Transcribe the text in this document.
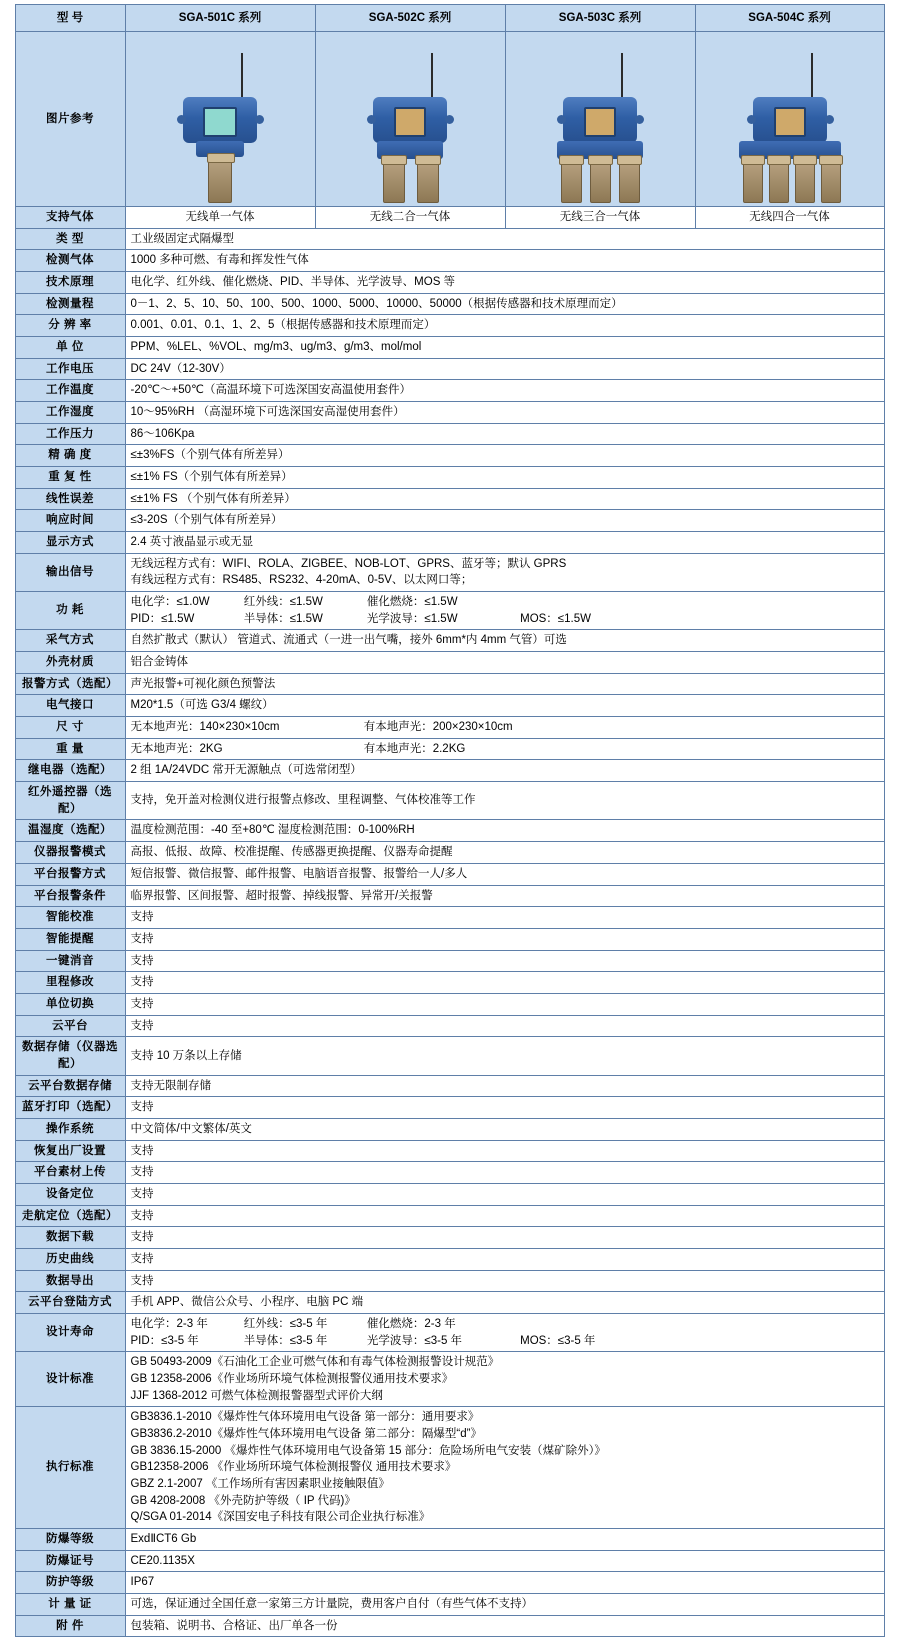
型 号	SGA-501C 系列	SGA-502C 系列	SGA-503C 系列	SGA-504C 系列
图片参考	

支持气体	无线单一气体	无线二合一气体	无线三合一气体	无线四合一气体
类 型	工业级固定式隔爆型			
检测气体	1000 多种可燃、有毒和挥发性气体			
技术原理	电化学、红外线、催化燃烧、PID、半导体、光学波导、MOS 等			
检测量程	0－1、2、5、10、50、100、500、1000、5000、10000、50000（根据传感器和技术原理而定）			
分 辨 率	0.001、0.01、0.1、1、2、5（根据传感器和技术原理而定）			
单 位	PPM、%LEL、%VOL、mg/m3、ug/m3、g/m3、mol/mol			
工作电压	DC 24V（12-30V）			
工作温度	-20℃～+50℃（高温环境下可选深国安高温使用套件）			
工作湿度	10～95%RH （高湿环境下可选深国安高湿使用套件）			
工作压力	86～106Kpa			
精 确 度	≤±3%FS（个别气体有所差异）			
重 复 性	≤±1% FS（个别气体有所差异）			
线性误差	≤±1% FS （个别气体有所差异）			
响应时间	≤3-20S（个别气体有所差异）			
显示方式	2.4 英寸液晶显示或无显			
输出信号	无线远程方式有：WIFI、ROLA、ZIGBEE、NOB-LOT、GPRS、蓝牙等；默认 GPRS
有线远程方式有：RS485、RS232、4-20mA、0-5V、以太网口等；			

功 耗	电化学：≤1.0W 红外线：≤1.5W 催化燃烧：≤1.5W
PID：≤1.5W 半导体：≤1.5W 光学波导：≤1.5W MOS：≤1.5W			

采气方式	自然扩散式（默认） 管道式、流通式（一进一出气嘴，接外 6mm*内 4mm 气管）可选			
外壳材质	铝合金铸体			
报警方式（选配）	声光报警+可视化颜色预警法			
电气接口	M20*1.5（可选 G3/4 螺纹）			
尺 寸	无本地声光：140×230×10cm 有本地声光：200×230×10cm			
重 量	无本地声光：2KG 有本地声光：2.2KG			
继电器（选配）	2 组 1A/24VDC 常开无源触点（可选常闭型）			
红外遥控器（选配）	支持，免开盖对检测仪进行报警点修改、里程调整、气体校准等工作			
温湿度（选配）	温度检测范围：-40 至+80℃ 湿度检测范围：0-100%RH			
仪器报警模式	高报、低报、故障、校准提醒、传感器更换提醒、仪器寿命提醒			
平台报警方式	短信报警、微信报警、邮件报警、电脑语音报警、报警给一人/多人			
平台报警条件	临界报警、区间报警、超时报警、掉线报警、异常开/关报警			
智能校准	支持			
智能提醒	支持			
一键消音	支持			
里程修改	支持			
单位切换	支持			
云平台	支持			
数据存储（仪器选配）	支持 10 万条以上存储			
云平台数据存储	支持无限制存储			
蓝牙打印（选配）	支持			
操作系统	中文简体/中文繁体/英文			
恢复出厂设置	支持			
平台素材上传	支持			
设备定位	支持			
走航定位（选配）	支持			
数据下载	支持			
历史曲线	支持			
数据导出	支持			
云平台登陆方式	手机 APP、微信公众号、小程序、电脑 PC 端			
设计寿命	电化学：2-3 年 红外线：≤3-5 年 催化燃烧：2-3 年
PID：≤3-5 年 半导体：≤3-5 年 光学波导：≤3-5 年 MOS：≤3-5 年			

设计标准	GB 50493-2009《石油化工企业可燃气体和有毒气体检测报警设计规范》
GB 12358-2006《作业场所环境气体检测报警仪通用技术要求》
JJF 1368-2012 可燃气体检测报警器型式评价大纲			

执行标准	
GB3836.1-2010《爆炸性气体环境用电气设备 第一部分：通用要求》
GB3836.2-2010《爆炸性气体环境用电气设备 第二部分：隔爆型“d”》
GB 3836.15-2000 《爆炸性气体环境用电气设备第 15 部分：危险场所电气安装（煤矿除外）》
GB12358-2006 《作业场所环境气体检测报警仪 通用技术要求》
GBZ 2.1-2007 《工作场所有害因素职业接触限值》
GB 4208-2008 《外壳防护等级（ IP 代码)》
Q/SGA 01-2014《深国安电子科技有限公司企业执行标准》

防爆等级	ExdⅡCT6 Gb			
防爆证号	CE20.1135X			
防护等级	IP67			
计 量 证	可选，保证通过全国任意一家第三方计量院，费用客户自付（有些气体不支持）			
附 件	包装箱、说明书、合格证、出厂单各一份			
